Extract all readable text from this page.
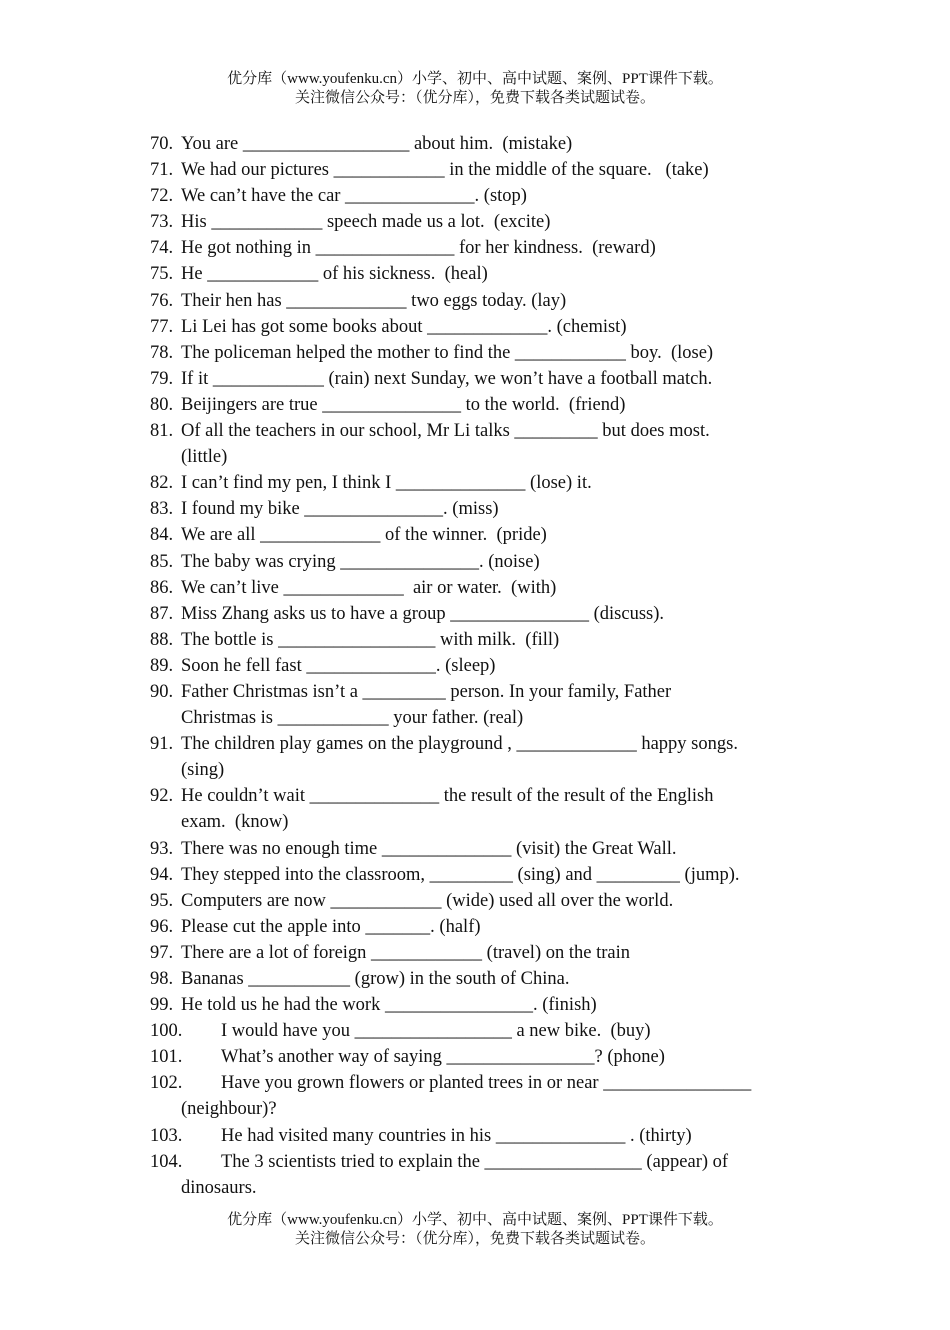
优分库（www.youfenku.cn）小学、初中、高中试题、案例、PPT课件下载。
关注微信公众号：（优分库），免费下载各类试题试卷。
70. You are __________________ about him.  (mistake)
71. We had our pictures ____________ in the middle of the square.   (take)
72. We can’t have the car ______________. (stop)
73. His ____________ speech made us a lot.  (excite)
74. He got nothing in _______________ for her kindness.  (reward)
75. He ____________ of his sickness.  (heal)
76. Their hen has _____________ two eggs today. (lay)
77. Li Lei has got some books about _____________. (chemist)
78. The policeman helped the mother to find the ____________ boy.  (lose)
79. If it ____________ (rain) next Sunday, we won’t have a football match.
80. Beijingers are true _______________ to the world.  (friend)
81. Of all the teachers in our school, Mr Li talks _________ but does most.
(little)
82. I can’t find my pen, I think I ______________ (lose) it.
83. I found my bike _______________. (miss)
84. We are all _____________ of the winner.  (pride)
85. The baby was crying _______________. (noise)
86. We can’t live _____________  air or water.  (with)
87. Miss Zhang asks us to have a group _______________ (discuss).
88. The bottle is _________________ with milk.  (fill)
89. Soon he fell fast ______________. (sleep)
90. Father Christmas isn’t a _________ person. In your family, Father
Christmas is ____________ your father. (real)
91. The children play games on the playground , _____________ happy songs.
(sing)
92. He couldn’t wait ______________ the result of the result of the English
exam.  (know)
93. There was no enough time ______________ (visit) the Great Wall.
94. They stepped into the classroom, _________ (sing) and _________ (jump).
95. Computers are now ____________ (wide) used all over the world.
96. Please cut the apple into _______. (half)
97. There are a lot of foreign ____________ (travel) on the train
98. Bananas ___________ (grow) in the south of China.
99. He told us he had the work ________________. (finish)
100.	I would have you _________________ a new bike.  (buy)
101.	What’s another way of saying ________________? (phone)
102.	Have you grown flowers or planted trees in or near ________________
(neighbour)?
103.	He had visited many countries in his ______________ . (thirty)
104.	The 3 scientists tried to explain the _________________ (appear) of
dinosaurs.
优分库（www.youfenku.cn）小学、初中、高中试题、案例、PPT课件下载。
关注微信公众号：（优分库），免费下载各类试题试卷。
